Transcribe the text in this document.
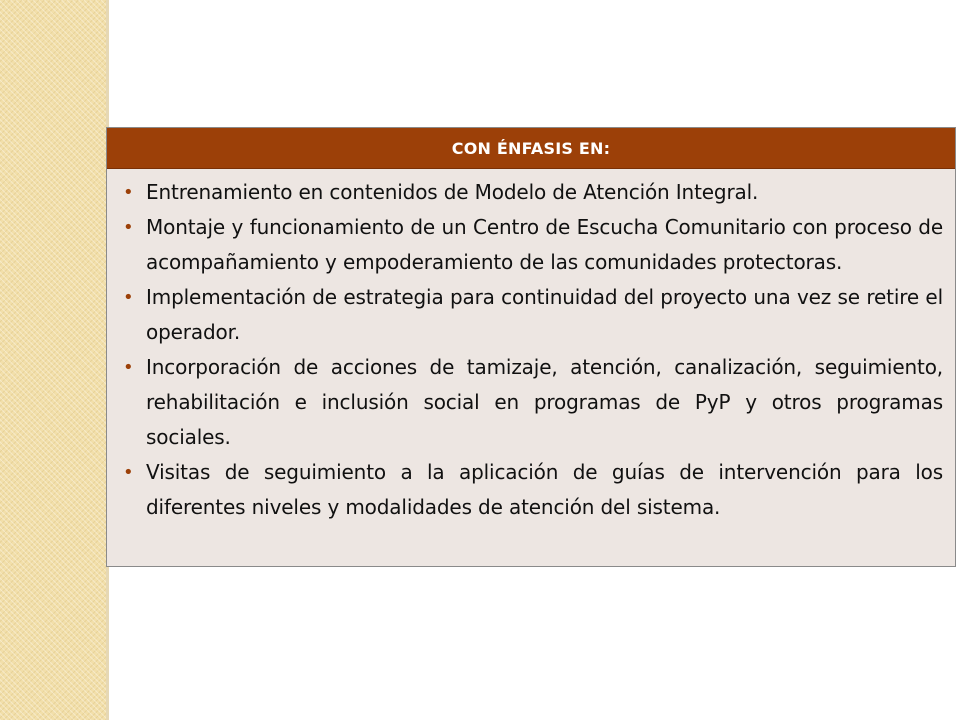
CON ÉNFASIS EN:
• Entrenamiento en contenidos de Modelo de Atención Integral.
• Montaje y funcionamiento de un Centro de Escucha Comunitario con proceso de acompañamiento y empoderamiento de las comunidades protectoras.
• Implementación de estrategia para continuidad del proyecto una vez se retire el operador.
• Incorporación de acciones de tamizaje, atención, canalización, seguimiento, rehabilitación e inclusión social en programas de PyP y otros programas sociales.
• Visitas de seguimiento a la aplicación de guías de intervención para los diferentes niveles y modalidades de atención del sistema.
